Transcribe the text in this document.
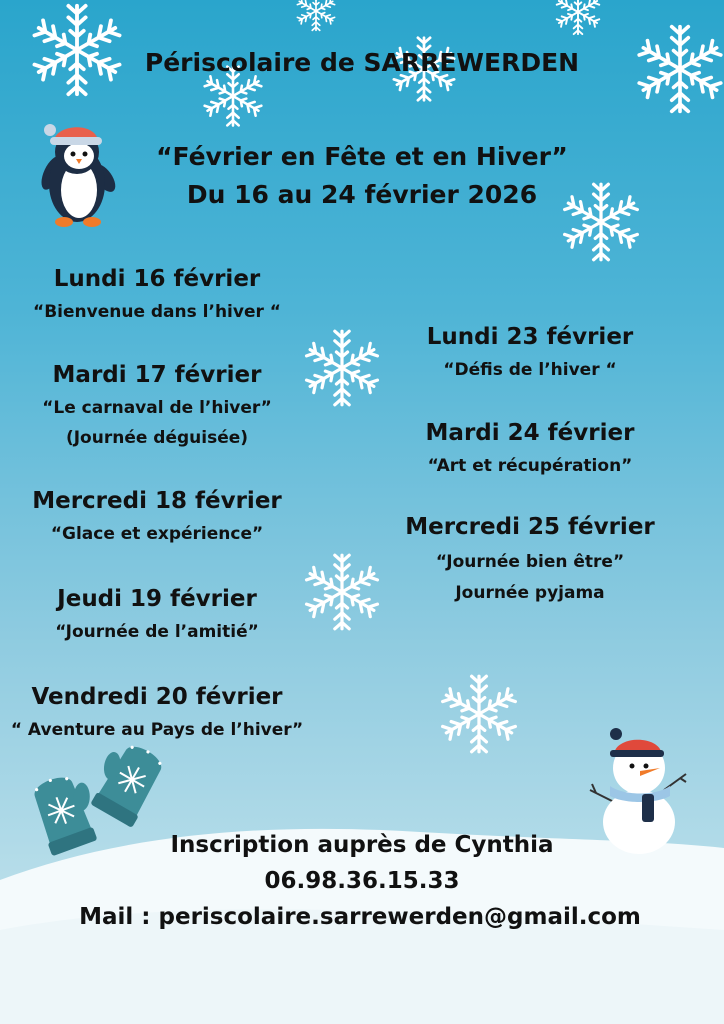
Périscolaire de SARREWERDEN
“Février en Fête et en Hiver”
Du 16 au 24 février 2026
Lundi 16 février
“Bienvenue dans l’hiver “
Mardi 17 février
“Le carnaval de l’hiver”
(Journée déguisée)
Mercredi 18 février
“Glace et expérience”
Jeudi 19 février
“Journée de l’amitié”
Vendredi 20 février
“ Aventure au Pays de l’hiver”
Lundi 23 février
“Défis de l’hiver “
Mardi 24 février
“Art et récupération”
Mercredi 25 février
“Journée bien être”
Journée pyjama
Inscription auprès de Cynthia
06.98.36.15.33
Mail : periscolaire.sarrewerden@gmail.com
